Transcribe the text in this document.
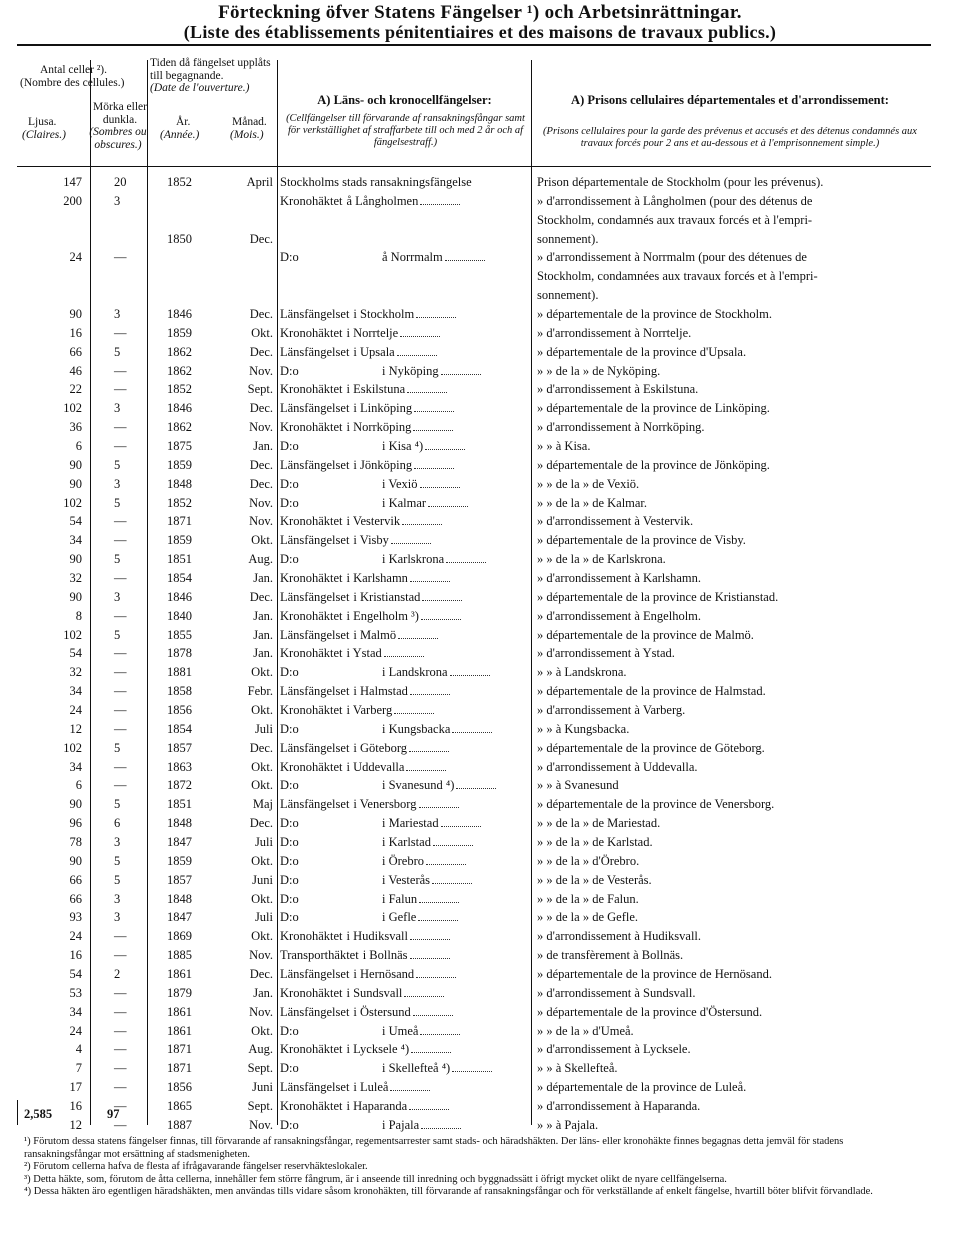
Förteckning öfver Statens Fängelser ¹) och Arbetsinrättningar.
(Liste des établissements pénitentiaires et des maisons de travaux publics.)
Antal celler ²).
(Nombre des cellules.)
Mörka eller dunkla.
(Sombres ou obscures.)
Ljusa.
(Claires.)
Tiden då fängelset upplåts till begagnande.
(Date de l'ouverture.)
År.
(Année.)
Månad.
(Mois.)
A) Läns- och kronocellfängelser:
(Cellfängelser till förvarande af ransakningsfångar samt för verkställighet af straffarbete till och med 2 år och af fängelsestraff.)
A) Prisons cellulaires départementales et d'arrondissement:
(Prisons cellulaires pour la garde des prévenus et accusés et des détenus condamnés aux travaux forcés pour 2 ans et au-dessous et à l'emprisonnement simple.)
147	20	1852	April	Stockholms stads ransakningsfängelse	Prison départementale de Stockholm (pour les prévenus).
200	3			Kronohäktet å Långholmen	» d'arrondissement à Långholmen (pour des détenus de
					Stockholm, condamnés aux travaux forcés et à l'empri-
		1850	Dec.		sonnement).
24	—			D:o å Norrmalm	» d'arrondissement à Norrmalm (pour des détenues de
					Stockholm, condamnées aux travaux forcés et à l'empri-
					sonnement).
90	3	1846	Dec.	Länsfängelset i Stockholm	» départementale de la province de Stockholm.
16	—	1859	Okt.	Kronohäktet i Norrtelje	» d'arrondissement à Norrtelje.
66	5	1862	Dec.	Länsfängelset i Upsala	» départementale de la province d'Upsala.
46	—	1862	Nov.	D:o i Nyköping	» » de la » de Nyköping.
22	—	1852	Sept.	Kronohäktet i Eskilstuna	» d'arrondissement à Eskilstuna.
102	3	1846	Dec.	Länsfängelset i Linköping	» départementale de la province de Linköping.
36	—	1862	Nov.	Kronohäktet i Norrköping	» d'arrondissement à Norrköping.
6	—	1875	Jan.	D:o i Kisa ⁴)	» » à Kisa.
90	5	1859	Dec.	Länsfängelset i Jönköping	» départementale de la province de Jönköping.
90	3	1848	Dec.	D:o i Vexiö	» » de la » de Vexiö.
102	5	1852	Nov.	D:o i Kalmar	» » de la » de Kalmar.
54	—	1871	Nov.	Kronohäktet i Vestervik	» d'arrondissement à Vestervik.
34	—	1859	Okt.	Länsfängelset i Visby	» départementale de la province de Visby.
90	5	1851	Aug.	D:o i Karlskrona	» » de la » de Karlskrona.
32	—	1854	Jan.	Kronohäktet i Karlshamn	» d'arrondissement à Karlshamn.
90	3	1846	Dec.	Länsfängelset i Kristianstad	» départementale de la province de Kristianstad.
8	—	1840	Jan.	Kronohäktet i Engelholm ³)	» d'arrondissement à Engelholm.
102	5	1855	Jan.	Länsfängelset i Malmö	» départementale de la province de Malmö.
54	—	1878	Jan.	Kronohäktet i Ystad	» d'arrondissement à Ystad.
32	—	1881	Okt.	D:o i Landskrona	» » à Landskrona.
34	—	1858	Febr.	Länsfängelset i Halmstad	» départementale de la province de Halmstad.
24	—	1856	Okt.	Kronohäktet i Varberg	» d'arrondissement à Varberg.
12	—	1854	Juli	D:o i Kungsbacka	» » à Kungsbacka.
102	5	1857	Dec.	Länsfängelset i Göteborg	» départementale de la province de Göteborg.
34	—	1863	Okt.	Kronohäktet i Uddevalla	» d'arrondissement à Uddevalla.
6	—	1872	Okt.	D:o i Svanesund ⁴)	» » à Svanesund
90	5	1851	Maj	Länsfängelset i Venersborg	» départementale de la province de Venersborg.
96	6	1848	Dec.	D:o i Mariestad	» » de la » de Mariestad.
78	3	1847	Juli	D:o i Karlstad	» » de la » de Karlstad.
90	5	1859	Okt.	D:o i Örebro	» » de la » d'Örebro.
66	5	1857	Juni	D:o i Vesterås	» » de la » de Vesterås.
66	3	1848	Okt.	D:o i Falun	» » de la » de Falun.
93	3	1847	Juli	D:o i Gefle	» » de la » de Gefle.
24	—	1869	Okt.	Kronohäktet i Hudiksvall	» d'arrondissement à Hudiksvall.
16	—	1885	Nov.	Transporthäktet i Bollnäs	» de transfèrement à Bollnäs.
54	2	1861	Dec.	Länsfängelset i Hernösand	» départementale de la province de Hernösand.
53	—	1879	Jan.	Kronohäktet i Sundsvall	» d'arrondissement à Sundsvall.
34	—	1861	Nov.	Länsfängelset i Östersund	» départementale de la province d'Östersund.
24	—	1861	Okt.	D:o i Umeå	» » de la » d'Umeå.
4	—	1871	Aug.	Kronohäktet i Lycksele ⁴)	» d'arrondissement à Lycksele.
7	—	1871	Sept.	D:o i Skellefteå ⁴)	» » à Skellefteå.
17	—	1856	Juni	Länsfängelset i Luleå	» départementale de la province de Luleå.
16	—	1865	Sept.	Kronohäktet i Haparanda	» d'arrondissement à Haparanda.
12	—	1887	Nov.	D:o i Pajala	» » à Pajala.
2,585	97

¹) Förutom dessa statens fängelser finnas, till förvarande af ransakningsfångar, regementsarrester samt stads- och häradshäkten. Der läns- eller kronohäkte finnes begagnas detta jemväl för stadens ransakningsfångar mot ersättning af stadsmenigheten.

²) Förutom cellerna hafva de flesta af ifrågavarande fängelser reservhäkteslokaler.

³) Detta häkte, som, förutom de åtta cellerna, innehåller fem större fångrum, är i anseende till inredning och byggnadssätt i öfrigt mycket olikt de nyare cellfängelserna.

⁴) Dessa häkten äro egentligen häradshäkten, men användas tills vidare såsom kronohäkten, till förvarande af ransakningsfångar och för verkställande af enkelt fängelse, hvartill böter blifvit förvandlade.
